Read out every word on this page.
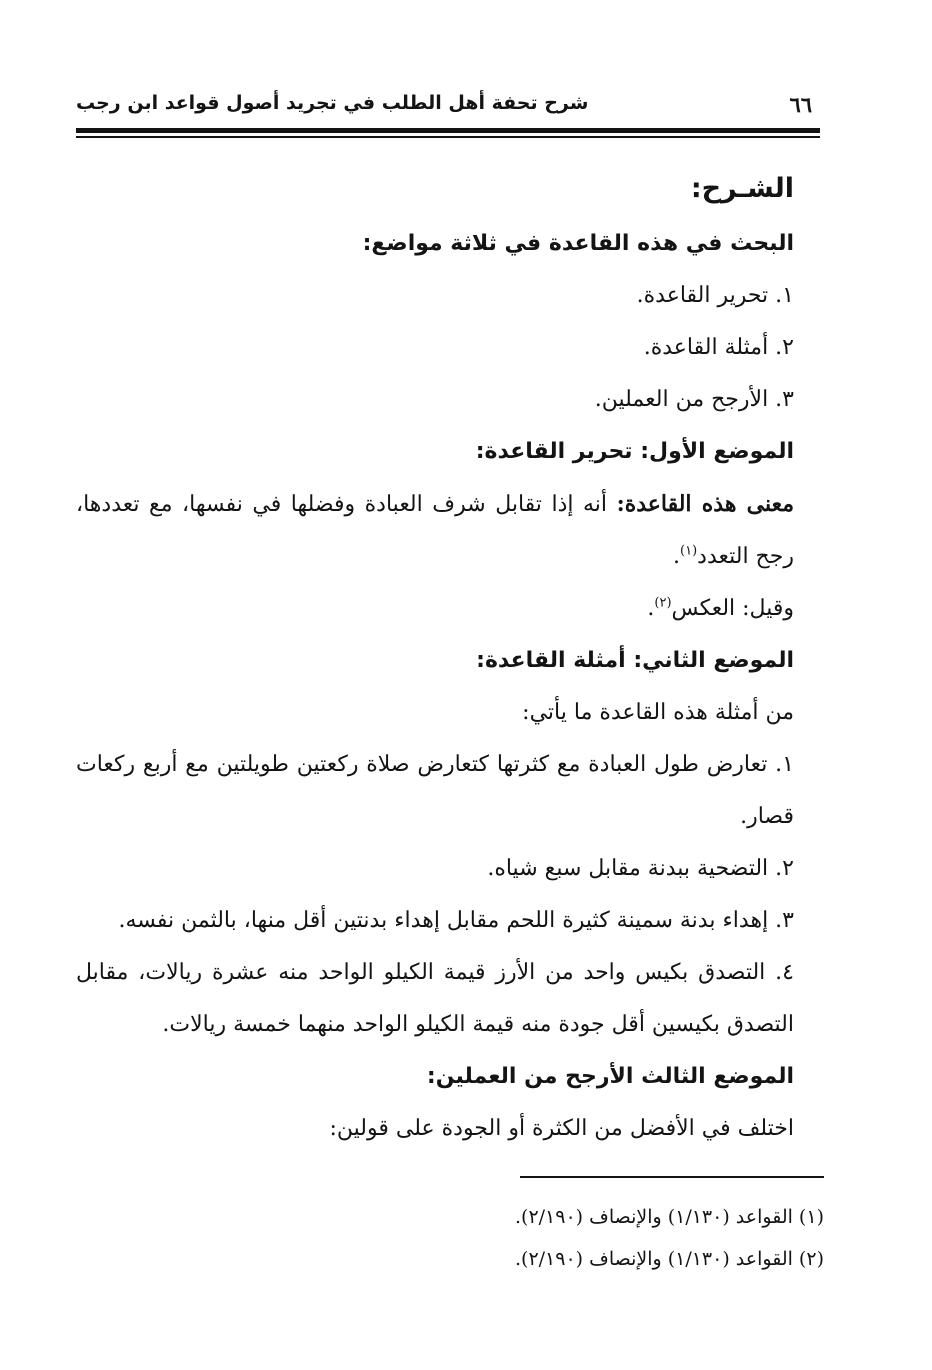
٦٦
شرح تحفة أهل الطلب في تجريد أصول قواعد ابن رجب

الشـرح:

البحث في هذه القاعدة في ثلاثة مواضع:

١. تحرير القاعدة.

٢. أمثلة القاعدة.

٣. الأرجح من العملين.

الموضع الأول: تحرير القاعدة:

معنى هذه القاعدة: أنه إذا تقابل شرف العبادة وفضلها في نفسها، مع تعددها، رجح التعدد$^{(١)}$.

وقيل: العكس$^{(٢)}$.

الموضع الثاني: أمثلة القاعدة:

من أمثلة هذه القاعدة ما يأتي:

١. تعارض طول العبادة مع كثرتها كتعارض صلاة ركعتين طويلتين مع أربع ركعات قصار.

٢. التضحية ببدنة مقابل سبع شياه.

٣. إهداء بدنة سمينة كثيرة اللحم مقابل إهداء بدنتين أقل منها، بالثمن نفسه.

٤. التصدق بكيس واحد من الأرز قيمة الكيلو الواحد منه عشرة ريالات، مقابل التصدق بكيسين أقل جودة منه قيمة الكيلو الواحد منهما خمسة ريالات.

الموضع الثالث الأرجح من العملين:

اختلف في الأفضل من الكثرة أو الجودة على قولين:

(١) القواعد (١/١٣٠) والإنصاف (٢/١٩٠).

(٢) القواعد (١/١٣٠) والإنصاف (٢/١٩٠).
